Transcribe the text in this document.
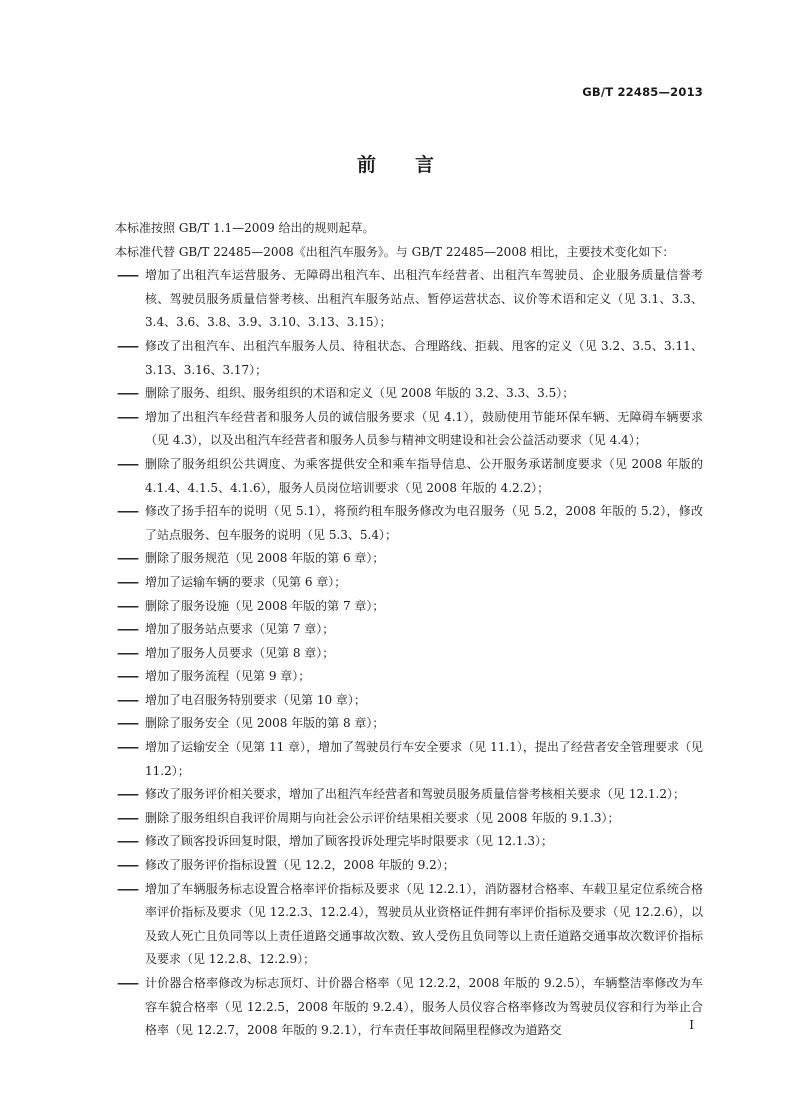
GB/T 22485—2013
前 言

本标准按照 GB/T 1.1—2009 给出的规则起草。

本标准代替 GB/T 22485—2008《出租汽车服务》。与 GB/T 22485—2008 相比，主要技术变化如下：

—— 增加了出租汽车运营服务、无障碍出租汽车、出租汽车经营者、出租汽车驾驶员、企业服务质量信誉考核、驾驶员服务质量信誉考核、出租汽车服务站点、暂停运营状态、议价等术语和定义（见 3.1、3.3、3.4、3.6、3.8、3.9、3.10、3.13、3.15）；

—— 修改了出租汽车、出租汽车服务人员、待租状态、合理路线、拒载、甩客的定义（见 3.2、3.5、3.11、3.13、3.16、3.17）；

—— 删除了服务、组织、服务组织的术语和定义（见 2008 年版的 3.2、3.3、3.5）；

—— 增加了出租汽车经营者和服务人员的诚信服务要求（见 4.1），鼓励使用节能环保车辆、无障碍车辆要求（见 4.3），以及出租汽车经营者和服务人员参与精神文明建设和社会公益活动要求（见 4.4）；

—— 删除了服务组织公共调度、为乘客提供安全和乘车指导信息、公开服务承诺制度要求（见 2008 年版的 4.1.4、4.1.5、4.1.6），服务人员岗位培训要求（见 2008 年版的 4.2.2）；

—— 修改了扬手招车的说明（见 5.1），将预约租车服务修改为电召服务（见 5.2，2008 年版的 5.2），修改了站点服务、包车服务的说明（见 5.3、5.4）；

—— 删除了服务规范（见 2008 年版的第 6 章）；

—— 增加了运输车辆的要求（见第 6 章）；

—— 删除了服务设施（见 2008 年版的第 7 章）；

—— 增加了服务站点要求（见第 7 章）；

—— 增加了服务人员要求（见第 8 章）；

—— 增加了服务流程（见第 9 章）；

—— 增加了电召服务特别要求（见第 10 章）；

—— 删除了服务安全（见 2008 年版的第 8 章）；

—— 增加了运输安全（见第 11 章），增加了驾驶员行车安全要求（见 11.1），提出了经营者安全管理要求（见 11.2）；

—— 修改了服务评价相关要求，增加了出租汽车经营者和驾驶员服务质量信誉考核相关要求（见 12.1.2）；

—— 删除了服务组织自我评价周期与向社会公示评价结果相关要求（见 2008 年版的 9.1.3）；

—— 修改了顾客投诉回复时限，增加了顾客投诉处理完毕时限要求（见 12.1.3）；

—— 修改了服务评价指标设置（见 12.2，2008 年版的 9.2）；

—— 增加了车辆服务标志设置合格率评价指标及要求（见 12.2.1），消防器材合格率、车载卫星定位系统合格率评价指标及要求（见 12.2.3、12.2.4），驾驶员从业资格证件拥有率评价指标及要求（见 12.2.6），以及致人死亡且负同等以上责任道路交通事故次数、致人受伤且负同等以上责任道路交通事故次数评价指标及要求（见 12.2.8、12.2.9）；

—— 计价器合格率修改为标志顶灯、计价器合格率（见 12.2.2，2008 年版的 9.2.5），车辆整洁率修改为车容车貌合格率（见 12.2.5，2008 年版的 9.2.4），服务人员仪容合格率修改为驾驶员仪容和行为举止合格率（见 12.2.7，2008 年版的 9.2.1），行车责任事故间隔里程修改为道路交	I
